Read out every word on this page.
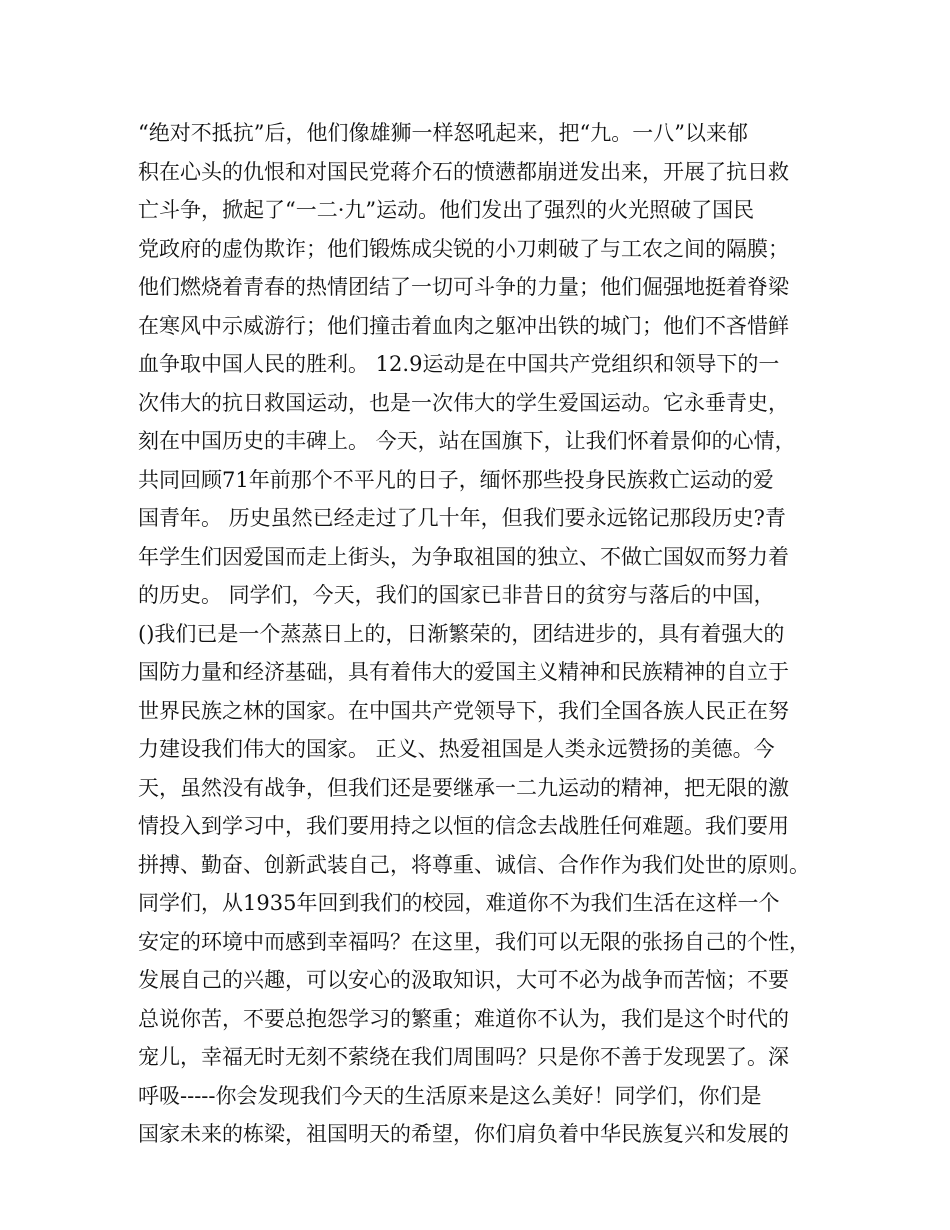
“绝对不抵抗”后，他们像雄狮一样怒吼起来，把“九。一八”以来郁
积在心头的仇恨和对国民党蒋介石的愤懑都崩迸发出来，开展了抗日救
亡斗争，掀起了“一二·九”运动。他们发出了强烈的火光照破了国民
党政府的虚伪欺诈；他们锻炼成尖锐的小刀刺破了与工农之间的隔膜；
他们燃烧着青春的热情团结了一切可斗争的力量；他们倔强地挺着脊梁
在寒风中示威游行；他们撞击着血肉之躯冲出铁的城门；他们不吝惜鲜
血争取中国人民的胜利。 12.9运动是在中国共产党组织和领导下的一
次伟大的抗日救国运动，也是一次伟大的学生爱国运动。它永垂青史，
刻在中国历史的丰碑上。 今天，站在国旗下，让我们怀着景仰的心情，
共同回顾71年前那个不平凡的日子，缅怀那些投身民族救亡运动的爱
国青年。 历史虽然已经走过了几十年，但我们要永远铭记那段历史?青
年学生们因爱国而走上街头，为争取祖国的独立、不做亡国奴而努力着
的历史。 同学们，今天，我们的国家已非昔日的贫穷与落后的中国，
()我们已是一个蒸蒸日上的，日渐繁荣的，团结进步的，具有着强大的
国防力量和经济基础，具有着伟大的爱国主义精神和民族精神的自立于
世界民族之林的国家。在中国共产党领导下，我们全国各族人民正在努
力建设我们伟大的国家。 正义、热爱祖国是人类永远赞扬的美德。今
天，虽然没有战争，但我们还是要继承一二九运动的精神，把无限的激
情投入到学习中，我们要用持之以恒的信念去战胜任何难题。我们要用
拼搏、勤奋、创新武装自己，将尊重、诚信、合作作为我们处世的原则。
同学们，从1935年回到我们的校园，难道你不为我们生活在这样一个
安定的环境中而感到幸福吗？在这里，我们可以无限的张扬自己的个性，
发展自己的兴趣，可以安心的汲取知识，大可不必为战争而苦恼；不要
总说你苦，不要总抱怨学习的繁重；难道你不认为，我们是这个时代的
宠儿，幸福无时无刻不萦绕在我们周围吗？只是你不善于发现罢了。深
呼吸-----你会发现我们今天的生活原来是这么美好！同学们，你们是
国家未来的栋梁，祖国明天的希望，你们肩负着中华民族复兴和发展的
